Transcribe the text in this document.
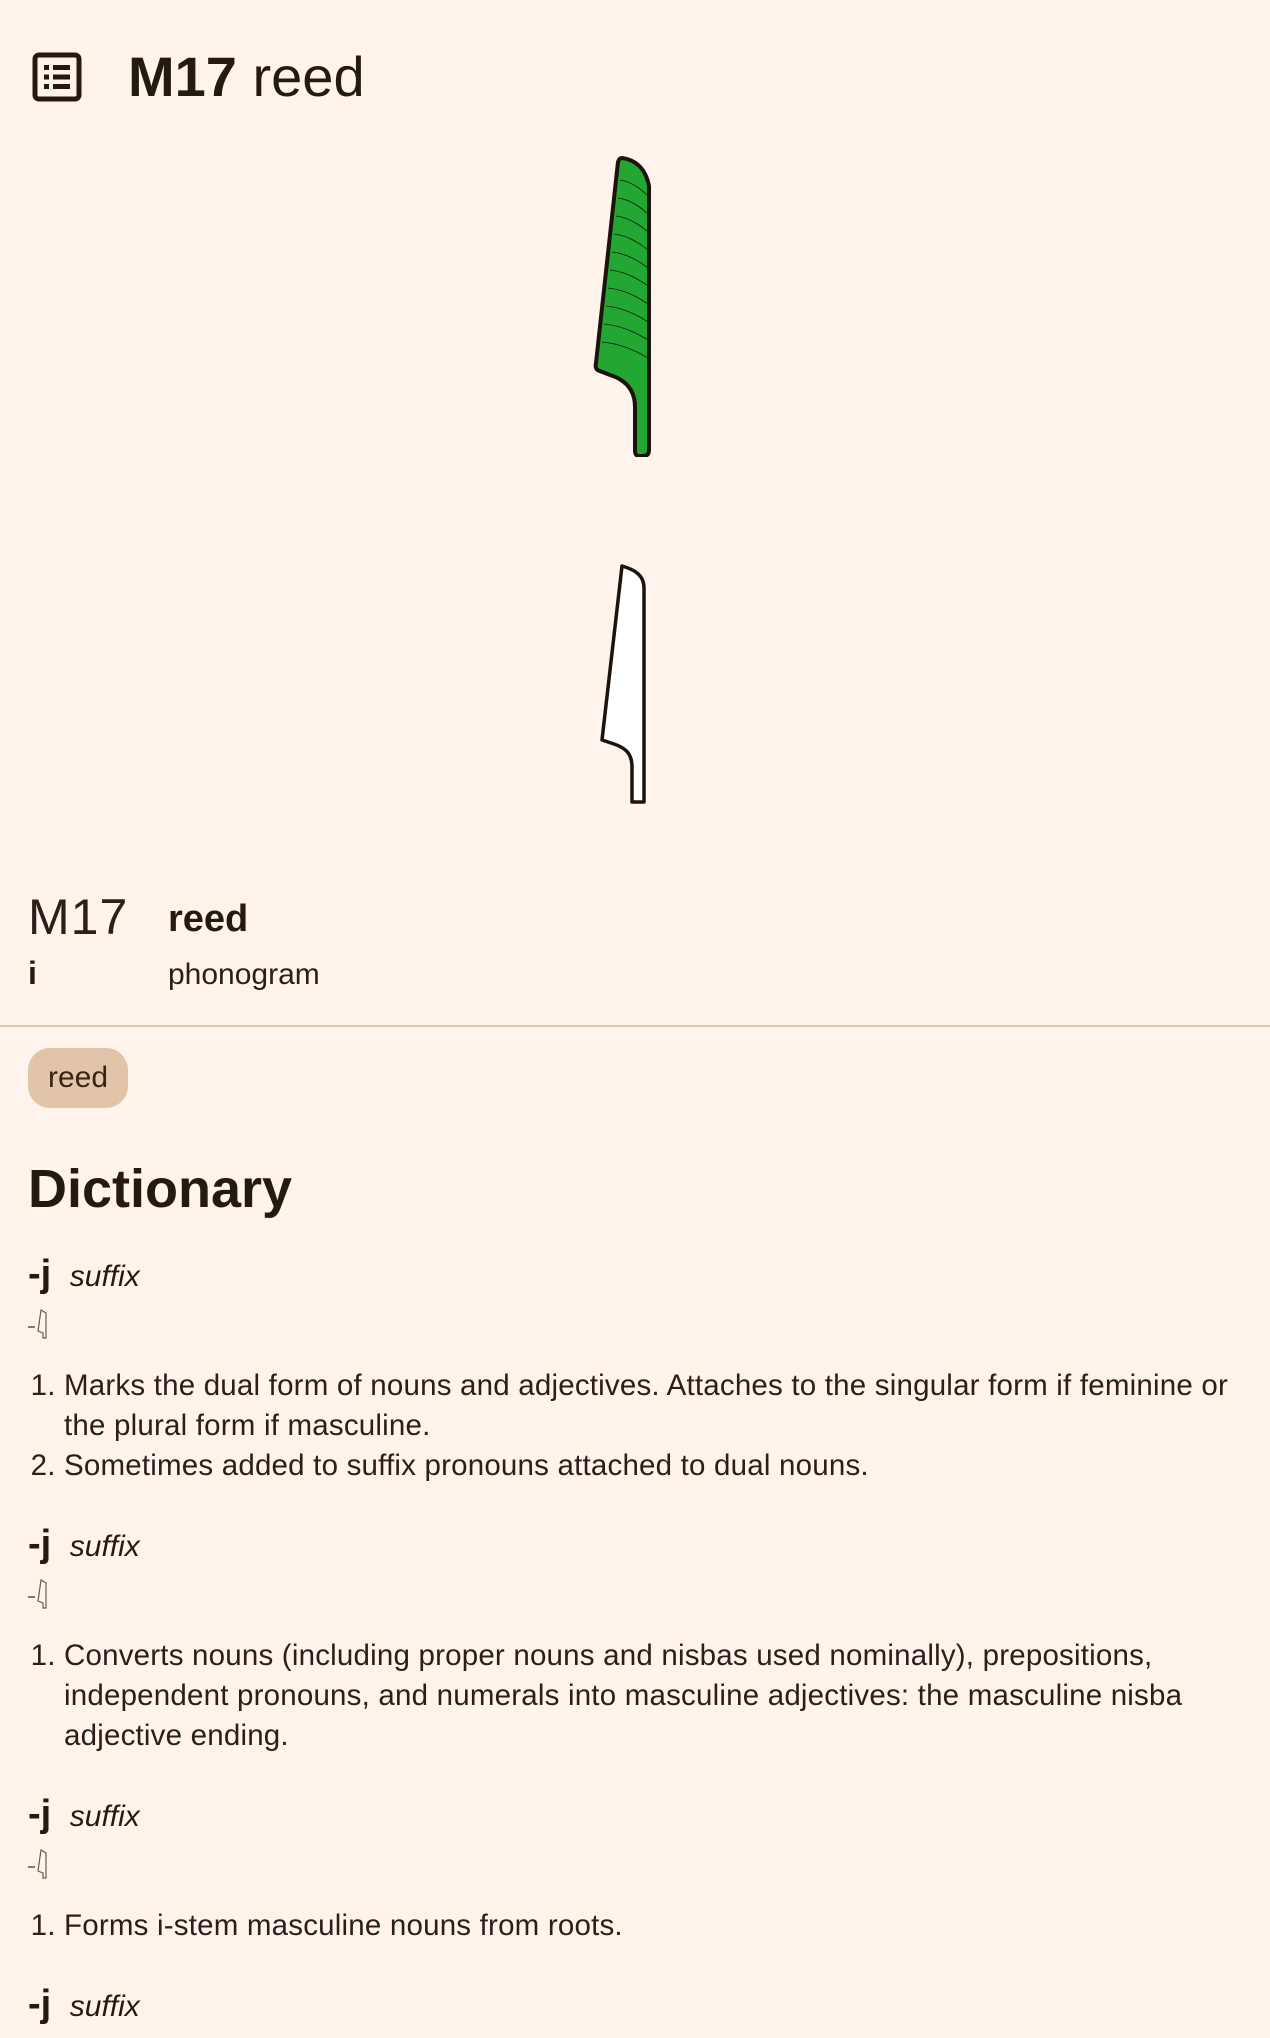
M17 reed
M17 reed
i	phonogram
reed
Dictionary
-j suffix
1. Marks the dual form of nouns and adjectives. Attaches to the singular form if feminine or the plural form if masculine.
2. Sometimes added to suffix pronouns attached to dual nouns.
-j suffix
1. Converts nouns (including proper nouns and nisbas used nominally), prepositions, independent pronouns, and numerals into masculine adjectives: the masculine nisba adjective ending.
-j suffix
1. Forms i-stem masculine nouns from roots.
-j suffix
